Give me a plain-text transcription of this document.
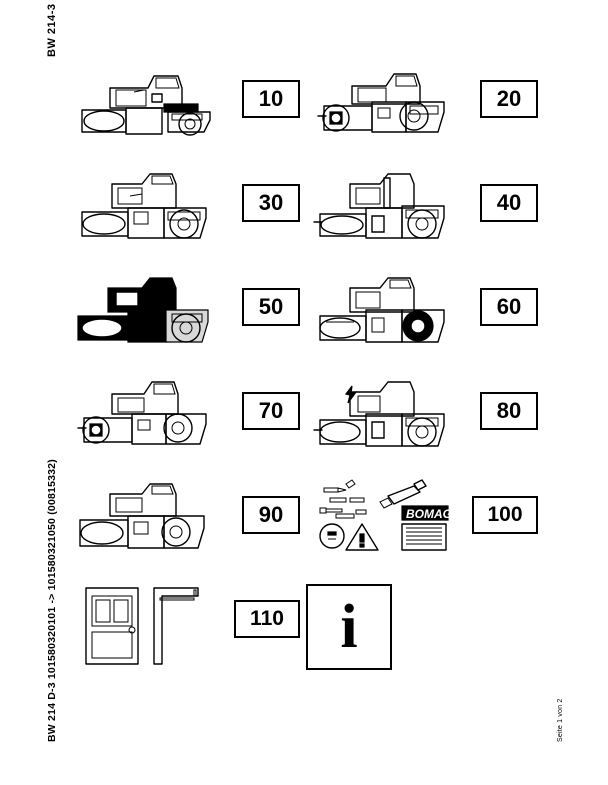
BW 214-3
BW 214 D-3 101580320101 -> 101580321050 (00815332)	Seite 1 von 2
10	20
30	40
50	60
70	80
90	BOMAG	100
110 i
